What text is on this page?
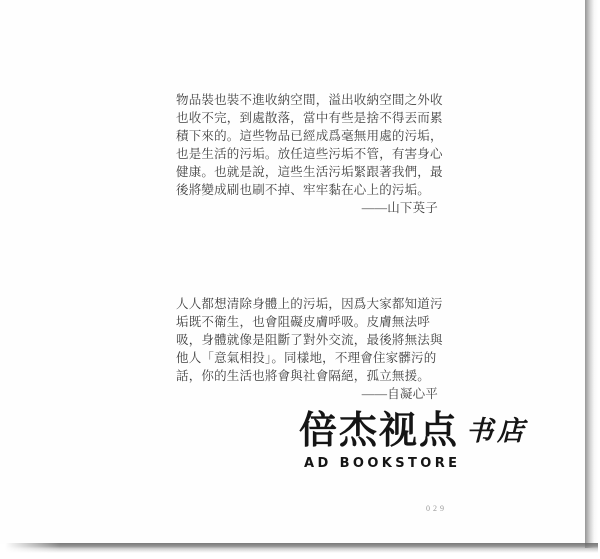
物品裝也裝不進收納空間，溢出收納空間之外收
也收不完，到處散落，當中有些是捨不得丟而累
積下來的。這些物品已經成爲毫無用處的污垢，
也是生活的污垢。放任這些污垢不管，有害身心
健康。也就是說，這些生活污垢緊跟著我們，最
後將變成刷也刷不掉、牢牢黏在心上的污垢。
——山下英子
人人都想清除身體上的污垢，因爲大家都知道污
垢既不衛生，也會阻礙皮膚呼吸。皮膚無法呼
吸，身體就像是阻斷了對外交流，最後將無法與
他人「意氣相投」。同樣地，不理會住家髒污的
話，你的生活也將會與社會隔絕，孤立無援。
——自凝心平
倍杰视点 书店
AD BOOKSTORE
029
